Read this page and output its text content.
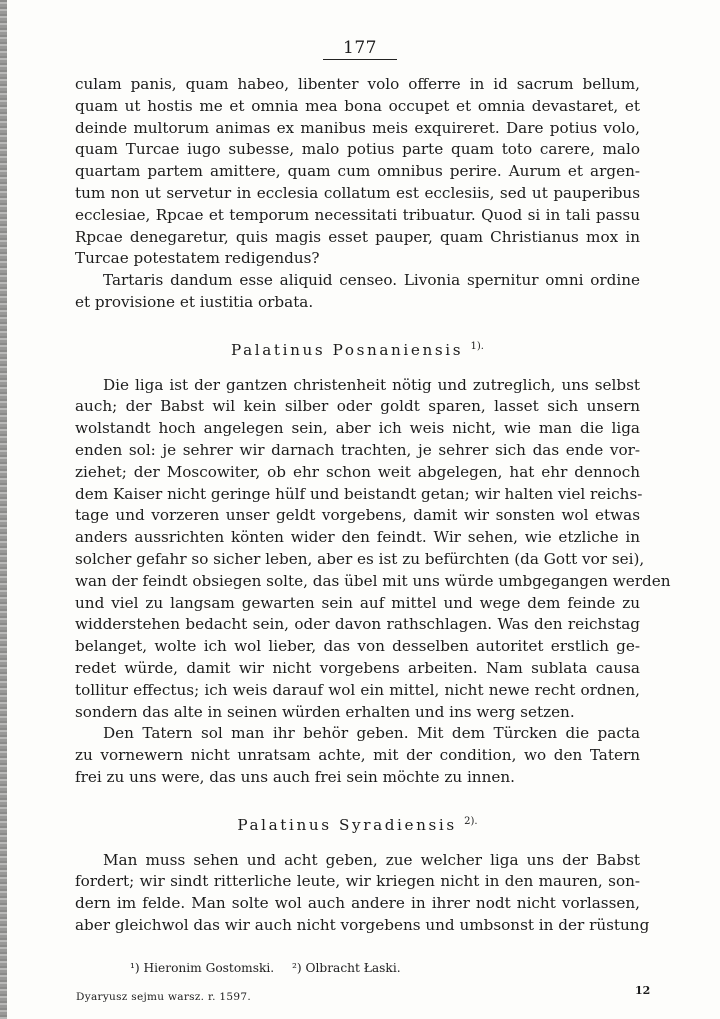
177
culam panis, quam habeo, libenter volo offerre in id sacrum bellum,
quam ut hostis me et omnia mea bona occupet et omnia devastaret, et
deinde multorum animas ex manibus meis exquireret. Dare potius volo,
quam Turcae iugo subesse, malo potius parte quam toto carere, malo
quartam partem amittere, quam cum omnibus perire. Aurum et argen-
tum non ut servetur in ecclesia collatum est ecclesiis, sed ut pauperibus
ecclesiae, Rpcae et temporum necessitati tribuatur. Quod si in tali passu
Rpcae denegaretur, quis magis esset pauper, quam Christianus mox in
Turcae potestatem redigendus?
Tartaris dandum esse aliquid censeo. Livonia spernitur omni ordine
et provisione et iustitia orbata.
Palatinus Posnaniensis $^{1).}$
Die liga ist der gantzen christenheit nötig und zutreglich, uns selbst
auch; der Babst wil kein silber oder goldt sparen, lasset sich unsern
wolstandt hoch angelegen sein, aber ich weis nicht, wie man die liga
enden sol: je sehrer wir darnach trachten, je sehrer sich das ende vor-
ziehet; der Moscowiter, ob ehr schon weit abgelegen, hat ehr dennoch
dem Kaiser nicht geringe hülf und beistandt getan; wir halten viel reichs-
tage und vorzeren unser geldt vorgebens, damit wir sonsten wol etwas
anders aussrichten könten wider den feindt. Wir sehen, wie etzliche in
solcher gefahr so sicher leben, aber es ist zu befürchten (da Gott vor sei),
wan der feindt obsiegen solte, das übel mit uns würde umbgegangen werden
und viel zu langsam gewarten sein auf mittel und wege dem feinde zu
widderstehen bedacht sein, oder davon rathschlagen. Was den reichstag
belanget, wolte ich wol lieber, das von desselben autoritet erstlich ge-
redet würde, damit wir nicht vorgebens arbeiten. Nam sublata causa
tollitur effectus; ich weis darauf wol ein mittel, nicht newe recht ordnen,
sondern das alte in seinen würden erhalten und ins werg setzen.
Den Tatern sol man ihr behör geben. Mit dem Türcken die pacta
zu vornewern nicht unratsam achte, mit der condition, wo den Tatern
frei zu uns were, das uns auch frei sein möchte zu innen.
Palatinus Syradiensis $^{2).}$
Man muss sehen und acht geben, zue welcher liga uns der Babst
fordert; wir sindt ritterliche leute, wir kriegen nicht in den mauren, son-
dern im felde. Man solte wol auch andere in ihrer nodt nicht vorlassen,
aber gleichwol das wir auch nicht vorgebens und umbsonst in der rüstung
¹) Hieronim Gostomski. ²) Olbracht Łaski.
Dyaryusz sejmu warsz. r. 1597.	12
